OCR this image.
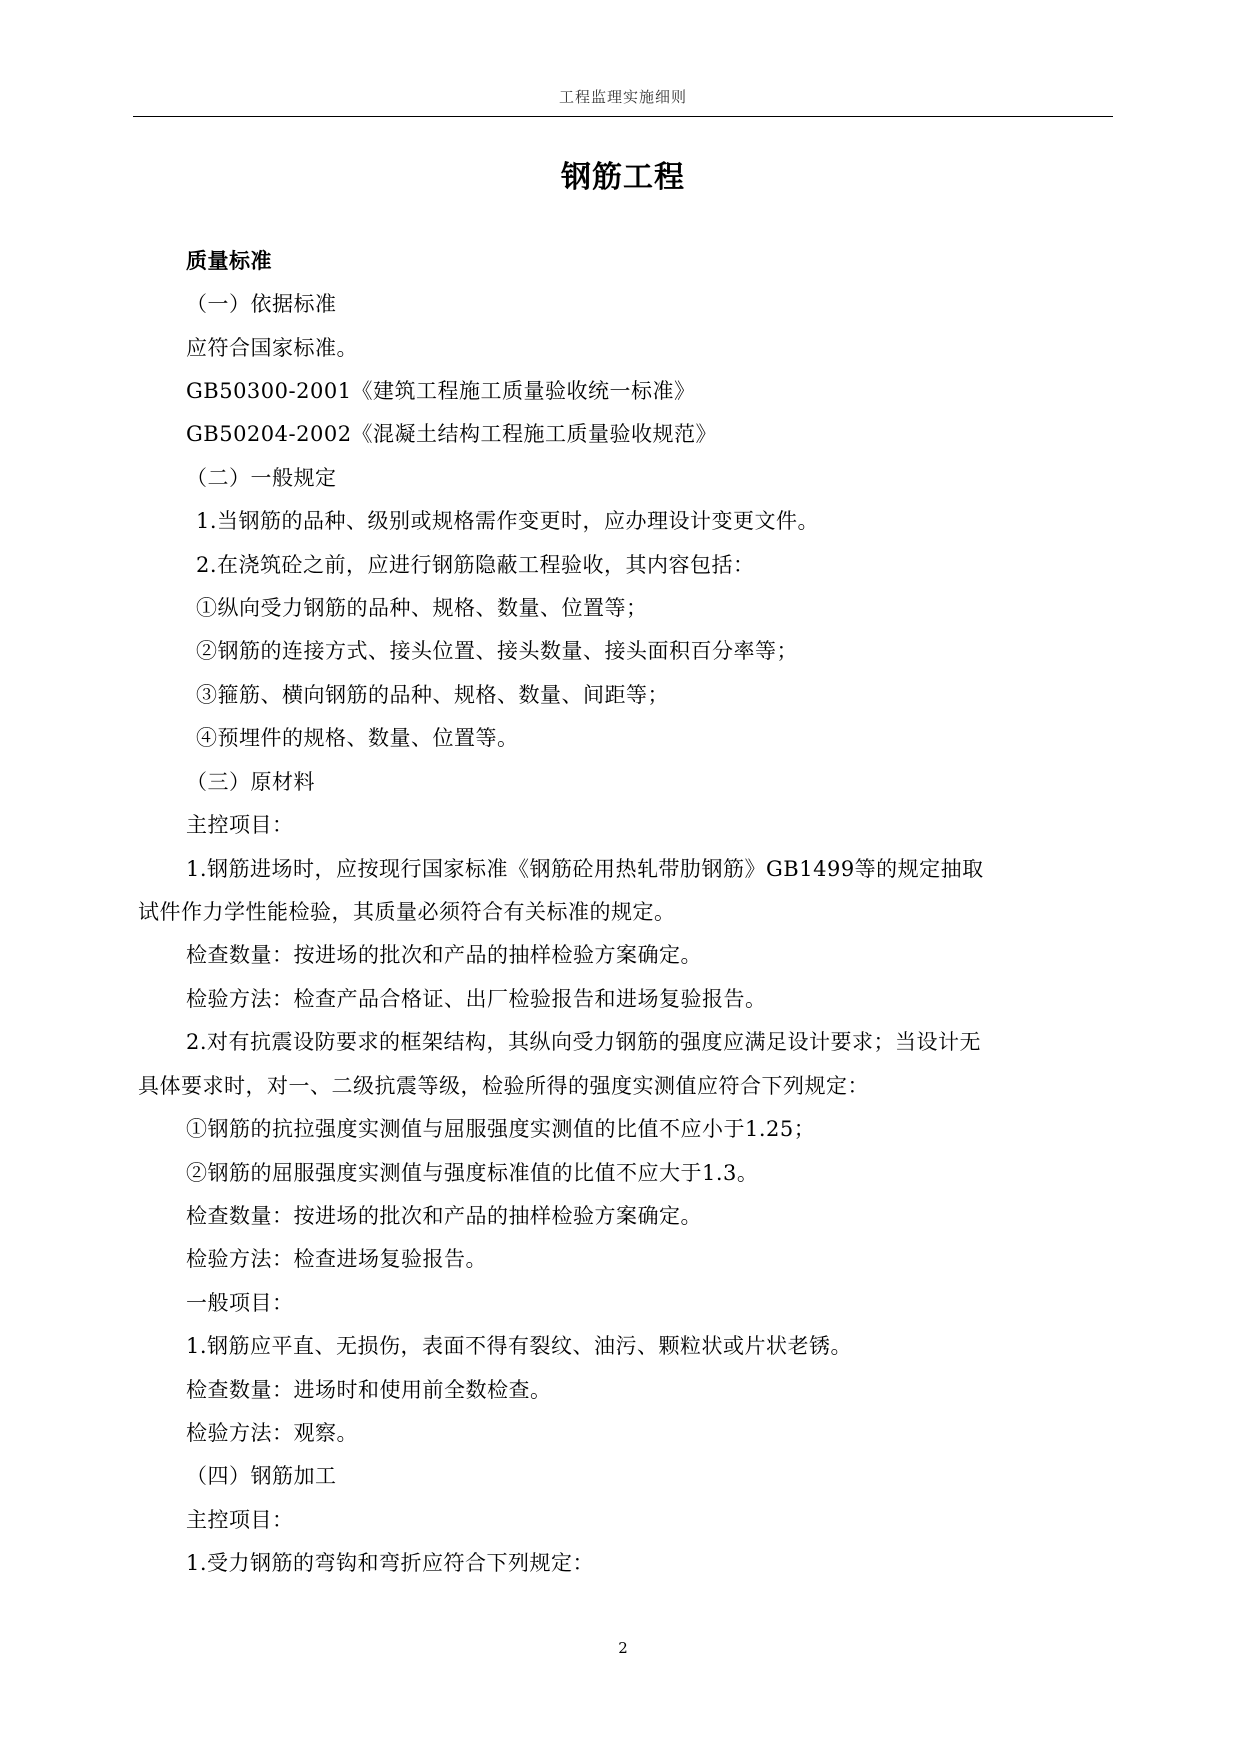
工程监理实施细则
钢筋工程
质量标准
（一）依据标准
应符合国家标准。
GB50300-2001《建筑工程施工质量验收统一标准》
GB50204-2002《混凝土结构工程施工质量验收规范》
（二）一般规定
1.当钢筋的品种、级别或规格需作变更时，应办理设计变更文件。
2.在浇筑砼之前，应进行钢筋隐蔽工程验收，其内容包括：
①纵向受力钢筋的品种、规格、数量、位置等；
②钢筋的连接方式、接头位置、接头数量、接头面积百分率等；
③箍筋、横向钢筋的品种、规格、数量、间距等；
④预埋件的规格、数量、位置等。
（三）原材料
主控项目：
1.钢筋进场时，应按现行国家标准《钢筋砼用热轧带肋钢筋》GB1499等的规定抽取
试件作力学性能检验，其质量必须符合有关标准的规定。
检查数量：按进场的批次和产品的抽样检验方案确定。
检验方法：检查产品合格证、出厂检验报告和进场复验报告。
2.对有抗震设防要求的框架结构，其纵向受力钢筋的强度应满足设计要求；当设计无
具体要求时，对一、二级抗震等级，检验所得的强度实测值应符合下列规定：
①钢筋的抗拉强度实测值与屈服强度实测值的比值不应小于1.25；
②钢筋的屈服强度实测值与强度标准值的比值不应大于1.3。
检查数量：按进场的批次和产品的抽样检验方案确定。
检验方法：检查进场复验报告。
一般项目：
1.钢筋应平直、无损伤，表面不得有裂纹、油污、颗粒状或片状老锈。
检查数量：进场时和使用前全数检查。
检验方法：观察。
（四）钢筋加工
主控项目：
1.受力钢筋的弯钩和弯折应符合下列规定：
2
